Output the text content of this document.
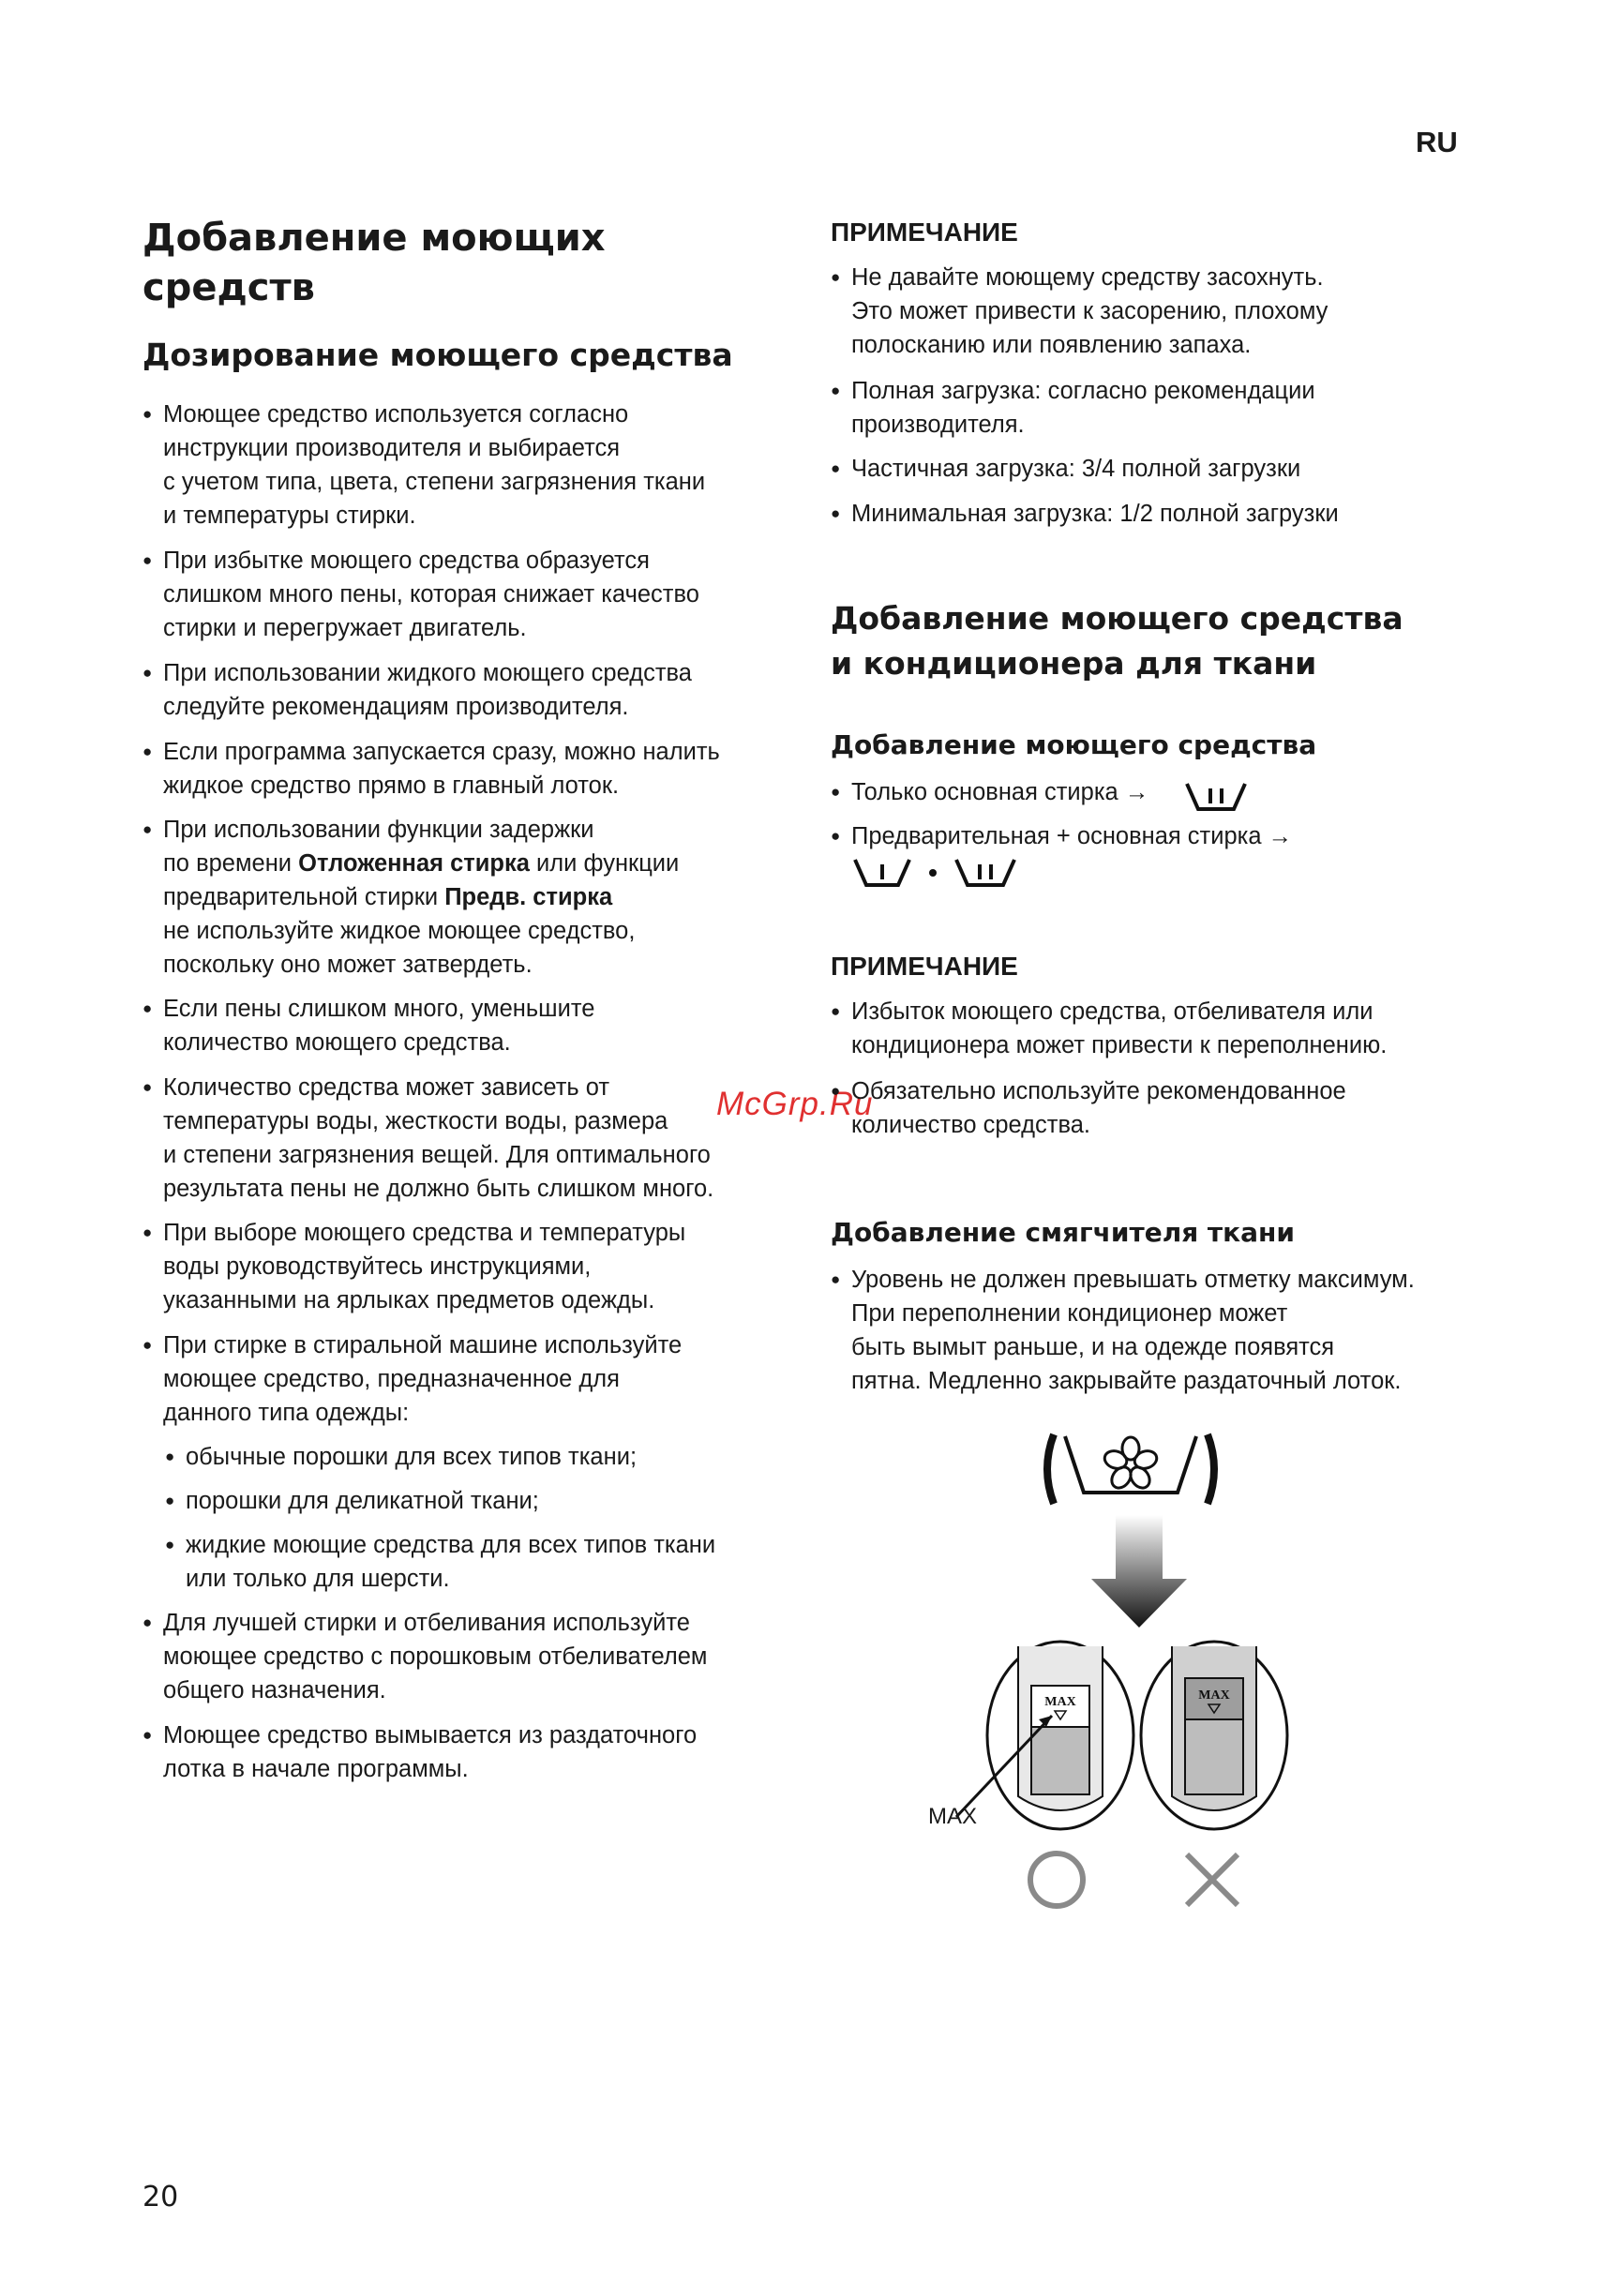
RU
20
McGrp.Ru
Добавление моющих
средств
Дозирование моющего средства
● Моющее средство используется согласно
инструкции производителя и выбирается
с учетом типа, цвета, степени загрязнения ткани
и температуры стирки.
● При избытке моющего средства образуется
слишком много пены, которая снижает качество
стирки и перегружает двигатель.
● При использовании жидкого моющего средства
следуйте рекомендациям производителя.
● Если программа запускается сразу, можно налить
жидкое средство прямо в главный лоток.
● При использовании функции задержки
по времени Отложенная стирка или функции
предварительной стирки Предв. стирка
не используйте жидкое моющее средство,
поскольку оно может затвердеть.
● Если пены слишком много, уменьшите
количество моющего средства.
● Количество средства может зависеть от
температуры воды, жесткости воды, размера
и степени загрязнения вещей. Для оптимального
результата пены не должно быть слишком много.
● При выборе моющего средства и температуры
воды руководствуйтесь инструкциями,
указанными на ярлыках предметов одежды.
● При стирке в стиральной машине используйте
моющее средство, предназначенное для
данного типа одежды:
● обычные порошки для всех типов ткани;
● порошки для деликатной ткани;
● жидкие моющие средства для всех типов ткани
или только для шерсти.
● Для лучшей стирки и отбеливания используйте
моющее средство с порошковым отбеливателем
общего назначения.
● Моющее средство вымывается из раздаточного
лотка в начале программы.
ПРИМЕЧАНИЕ
● Не давайте моющему средству засохнуть.
Это может привести к засорению, плохому
полосканию или появлению запаха.
● Полная загрузка: согласно рекомендации
производителя.
● Частичная загрузка: 3/4 полной загрузки
● Минимальная загрузка: 1/2 полной загрузки
Добавление моющего средства
и кондиционера для ткани
Добавление моющего средства
● Только основная стирка →
● Предварительная + основная стирка →
ПРИМЕЧАНИЕ
● Избыток моющего средства, отбеливателя или
кондиционера может привести к переполнению.
● Обязательно используйте рекомендованное
количество средства.
Добавление смягчителя ткани
● Уровень не должен превышать отметку максимум.
При переполнении кондиционер может
быть вымыт раньше, и на одежде появятся
пятна. Медленно закрывайте раздаточный лоток.
MAX	MAX
MAX
